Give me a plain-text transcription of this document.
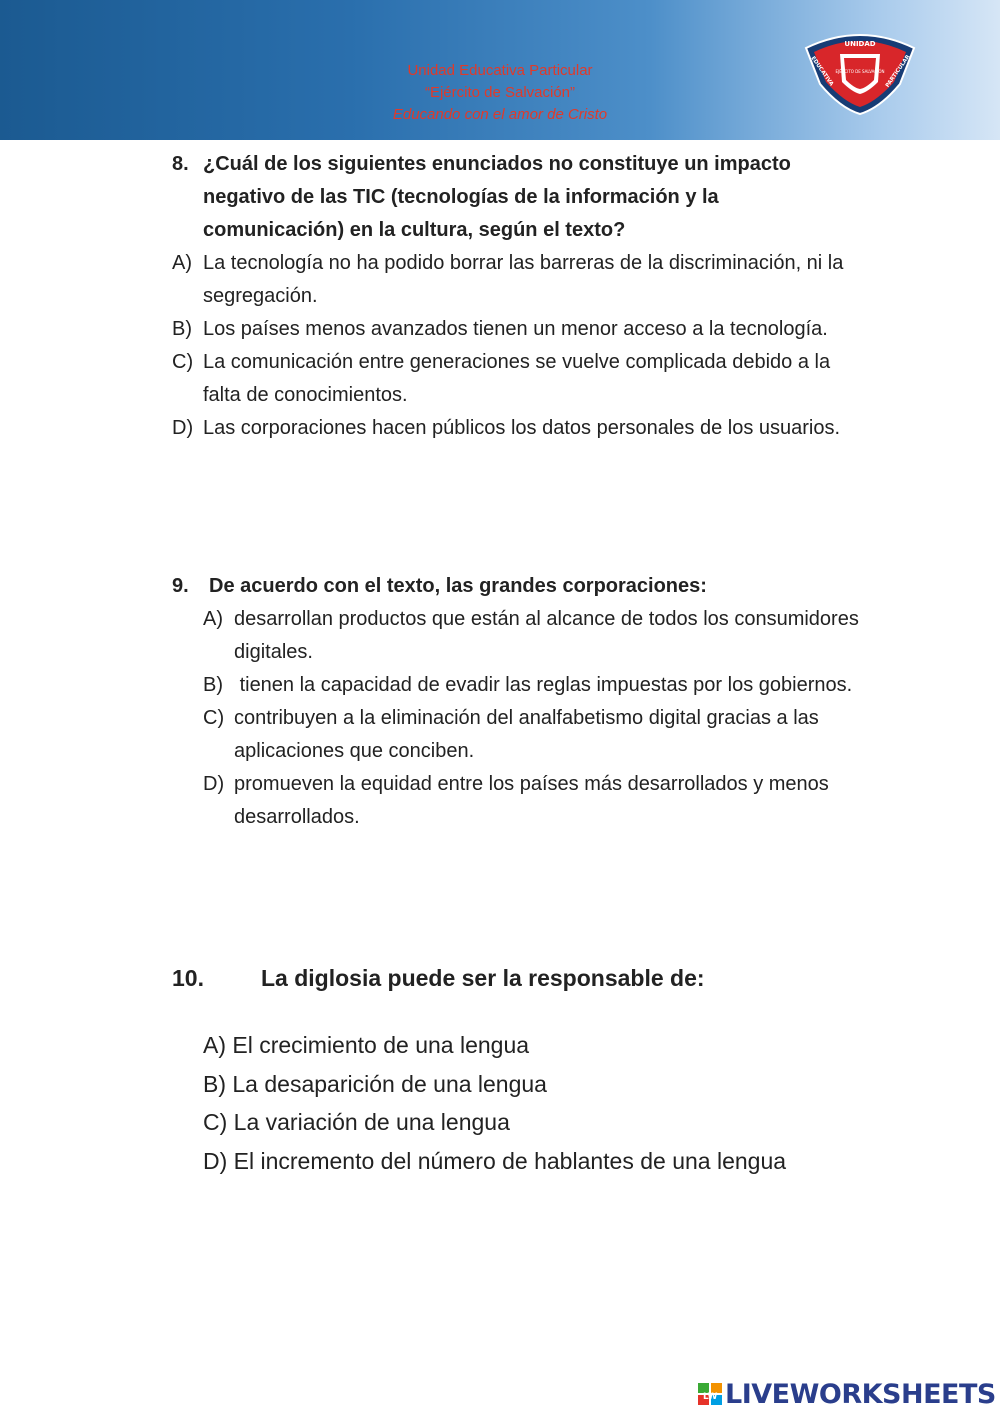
Unidad Educativa Particular
“Ejército de Salvación”
Educando con el amor de Cristo
UNIDAD
EDUCATIVA	PARTICULAR
EJÉRCITO DE SALVACIÓN
8. ¿Cuál de los siguientes enunciados no constituye un impacto negativo de las TIC (tecnologías de la información y la comunicación) en la cultura, según el texto?
A) La tecnología no ha podido borrar las barreras de la discriminación, ni la segregación.
B) Los países menos avanzados tienen un menor acceso a la tecnología.
C) La comunicación entre generaciones se vuelve complicada debido a la falta de conocimientos.
D) Las corporaciones hacen públicos los datos personales de los usuarios.
9.	De acuerdo con el texto, las grandes corporaciones:
A) desarrollan productos que están al alcance de todos los consumidores digitales.
B) tienen la capacidad de evadir las reglas impuestas por los gobiernos.
C) contribuyen a la eliminación del analfabetismo digital gracias a las aplicaciones que conciben.
D) promueven la equidad entre los países más desarrollados y menos desarrollados.
10.	La diglosia puede ser la responsable de:
A) El crecimiento de una lengua
B) La desaparición de una lengua
C) La variación de una lengua
D) El incremento del número de hablantes de una lengua
LW LIVEWORKSHEETS
